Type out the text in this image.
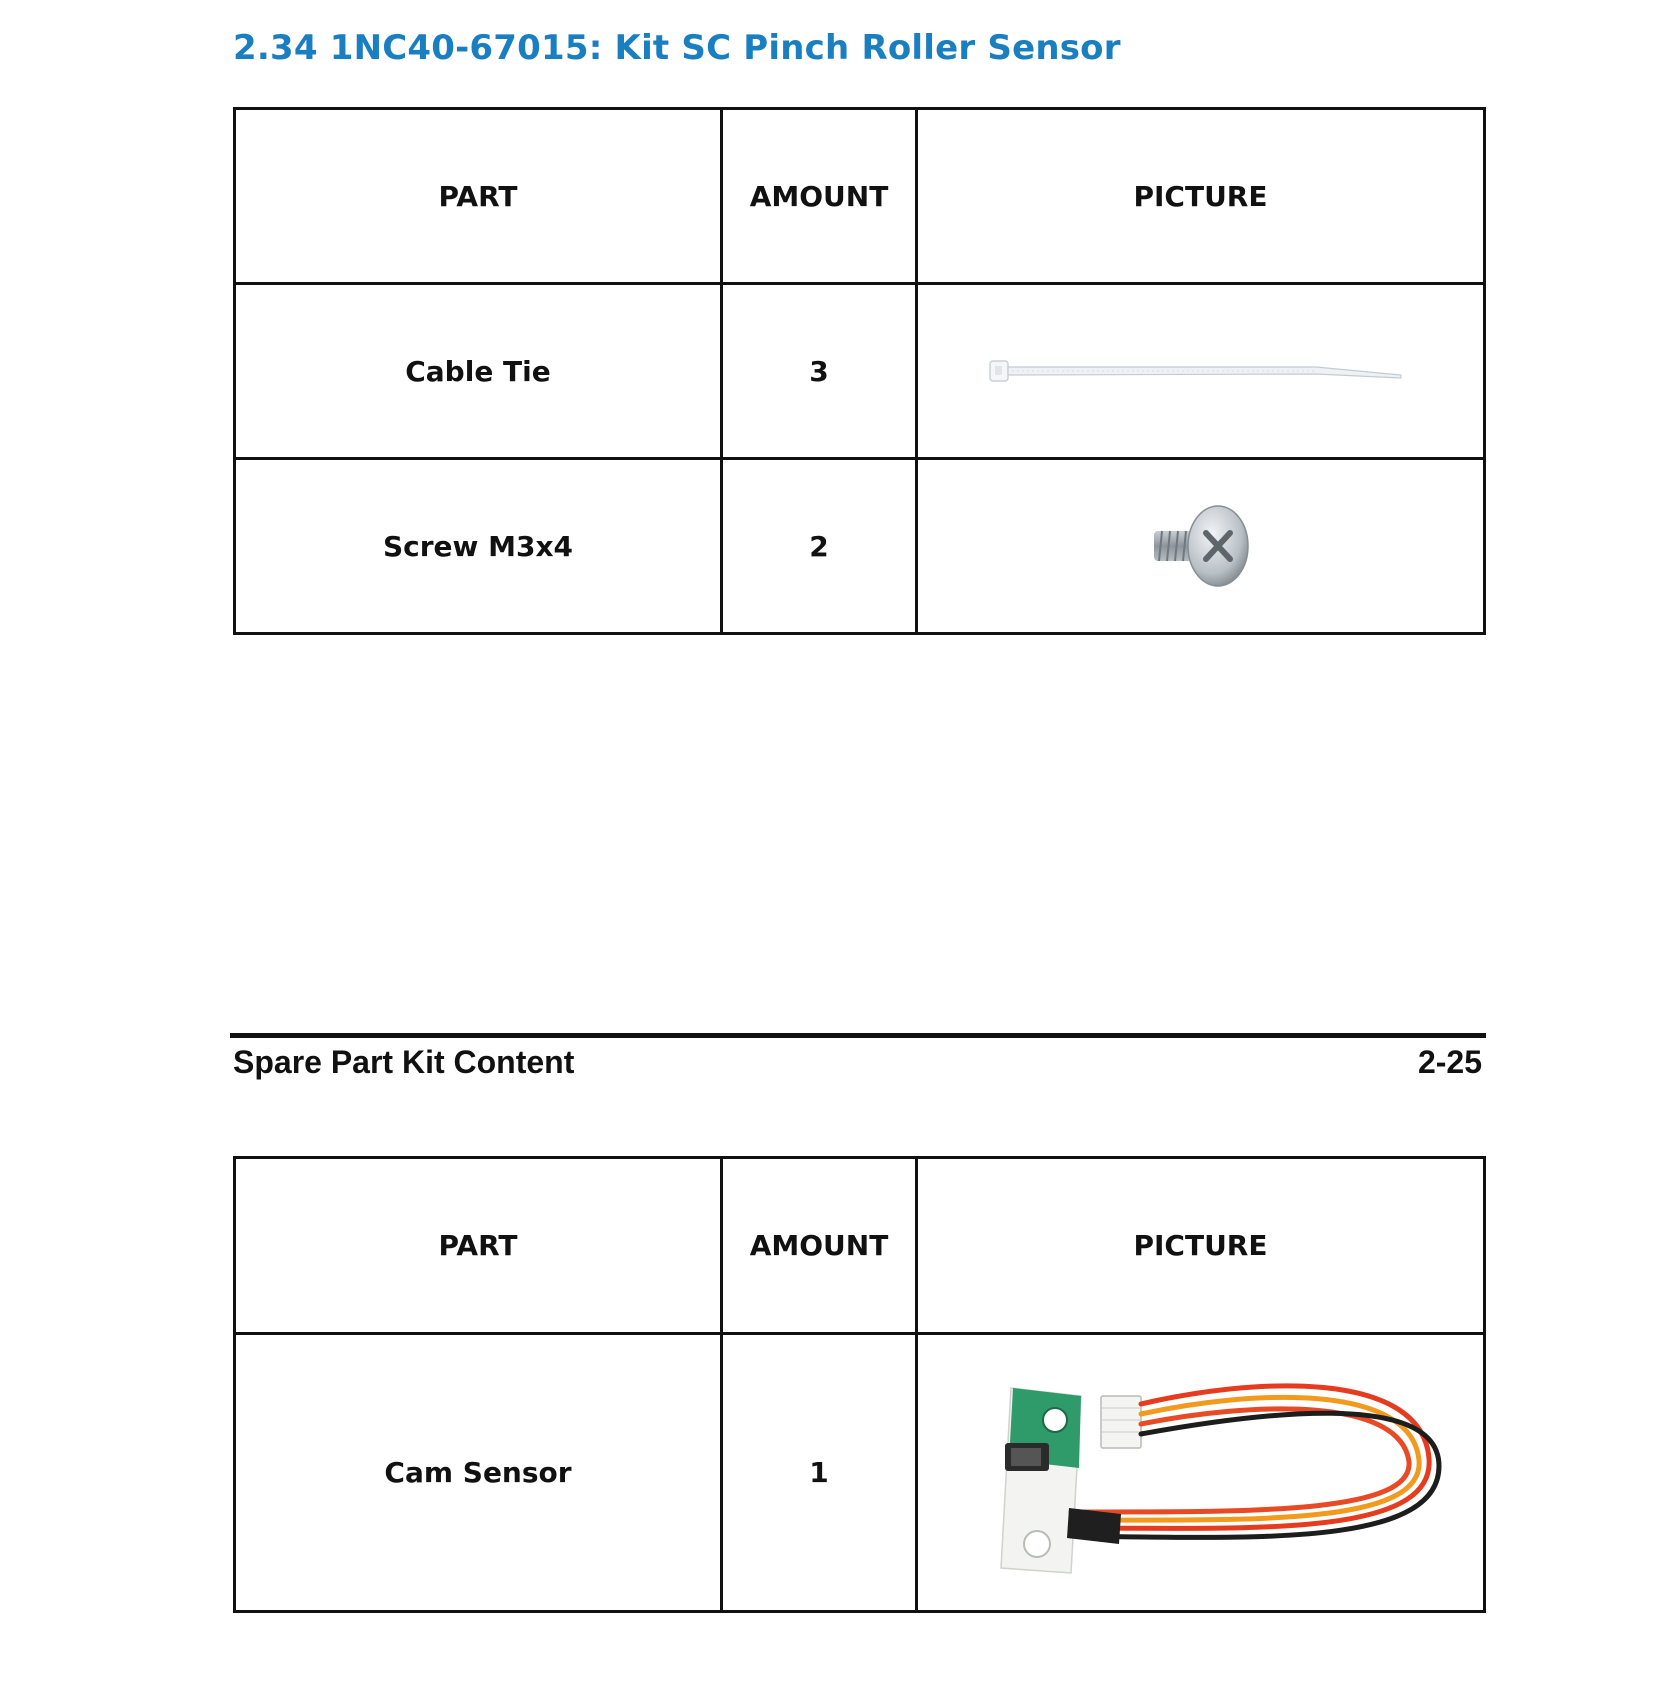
2.34 1NC40-67015: Kit SC Pinch Roller Sensor
PART	AMOUNT	PICTURE
Cable Tie	3	

Screw M3x4	2	
Spare Part Kit Content	2-25
PART	AMOUNT	PICTURE
Cam Sensor	1	
